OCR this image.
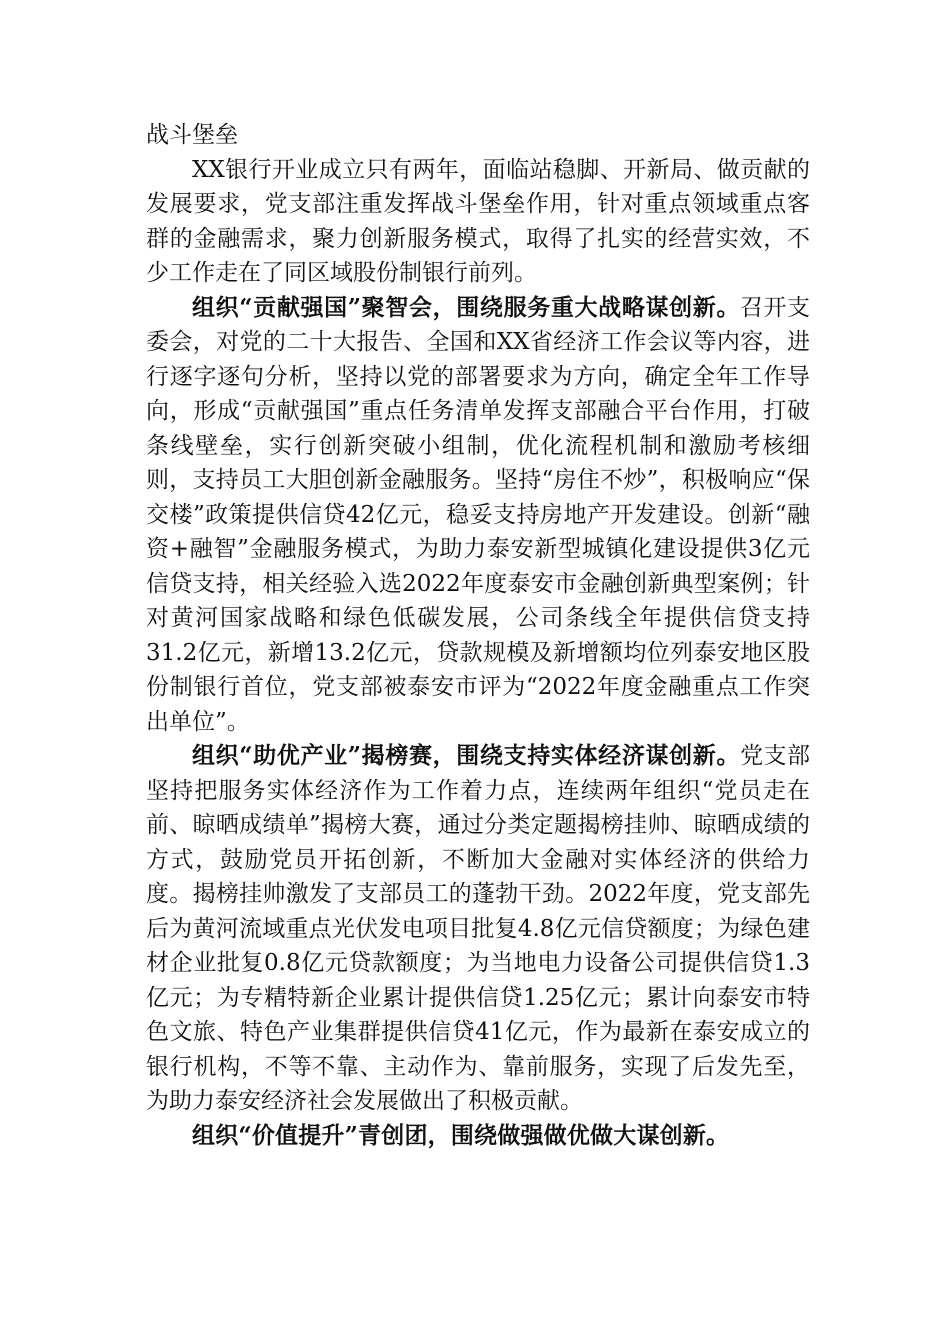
战斗堡垒

XX银行开业成立只有两年，面临站稳脚、开新局、做贡献的发展要求，党支部注重发挥战斗堡垒作用，针对重点领域重点客群的金融需求，聚力创新服务模式，取得了扎实的经营实效，不少工作走在了同区域股份制银行前列。

组织“贡献强国”聚智会，围绕服务重大战略谋创新。召开支委会，对党的二十大报告、全国和XX省经济工作会议等内容，进行逐字逐句分析，坚持以党的部署要求为方向，确定全年工作导向，形成“贡献强国”重点任务清单发挥支部融合平台作用，打破条线壁垒，实行创新突破小组制，优化流程机制和激励考核细则，支持员工大胆创新金融服务。坚持“房住不炒”，积极响应“保交楼”政策提供信贷42亿元，稳妥支持房地产开发建设。创新“融资+融智”金融服务模式，为助力泰安新型城镇化建设提供3亿元信贷支持，相关经验入选2022年度泰安市金融创新典型案例；针对黄河国家战略和绿色低碳发展，公司条线全年提供信贷支持31.2亿元，新增13.2亿元，贷款规模及新增额均位列泰安地区股份制银行首位，党支部被泰安市评为“2022年度金融重点工作突出单位”。

组织“助优产业”揭榜赛，围绕支持实体经济谋创新。党支部坚持把服务实体经济作为工作着力点，连续两年组织“党员走在前、晾晒成绩单”揭榜大赛，通过分类定题揭榜挂帅、晾晒成绩的方式，鼓励党员开拓创新，不断加大金融对实体经济的供给力度。揭榜挂帅激发了支部员工的蓬勃干劲。2022年度，党支部先后为黄河流域重点光伏发电项目批复4.8亿元信贷额度；为绿色建材企业批复0.8亿元贷款额度；为当地电力设备公司提供信贷1.3亿元；为专精特新企业累计提供信贷1.25亿元；累计向泰安市特色文旅、特色产业集群提供信贷41亿元，作为最新在泰安成立的银行机构，不等不靠、主动作为、靠前服务，实现了后发先至，为助力泰安经济社会发展做出了积极贡献。

组织“价值提升”青创团，围绕做强做优做大谋创新。
